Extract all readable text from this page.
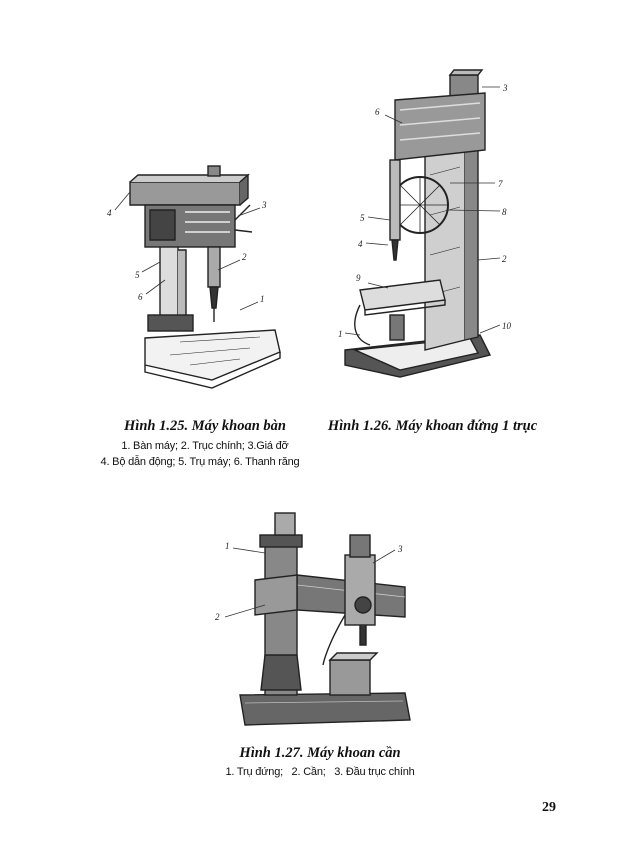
1
2
3
4
5
6
3
6
7
8
5
4
2
9
10
1
Hình 1.25. Máy khoan bàn
1. Bàn máy; 2. Trục chính; 3.Giá đỡ
4. Bộ dẫn động; 5. Trụ máy; 6. Thanh răng
Hình 1.26. Máy khoan đứng 1 trục
1
2
3
Hình 1.27. Máy khoan cần
1. Trụ đứng;   2. Cần;   3. Đầu trục chính
29
